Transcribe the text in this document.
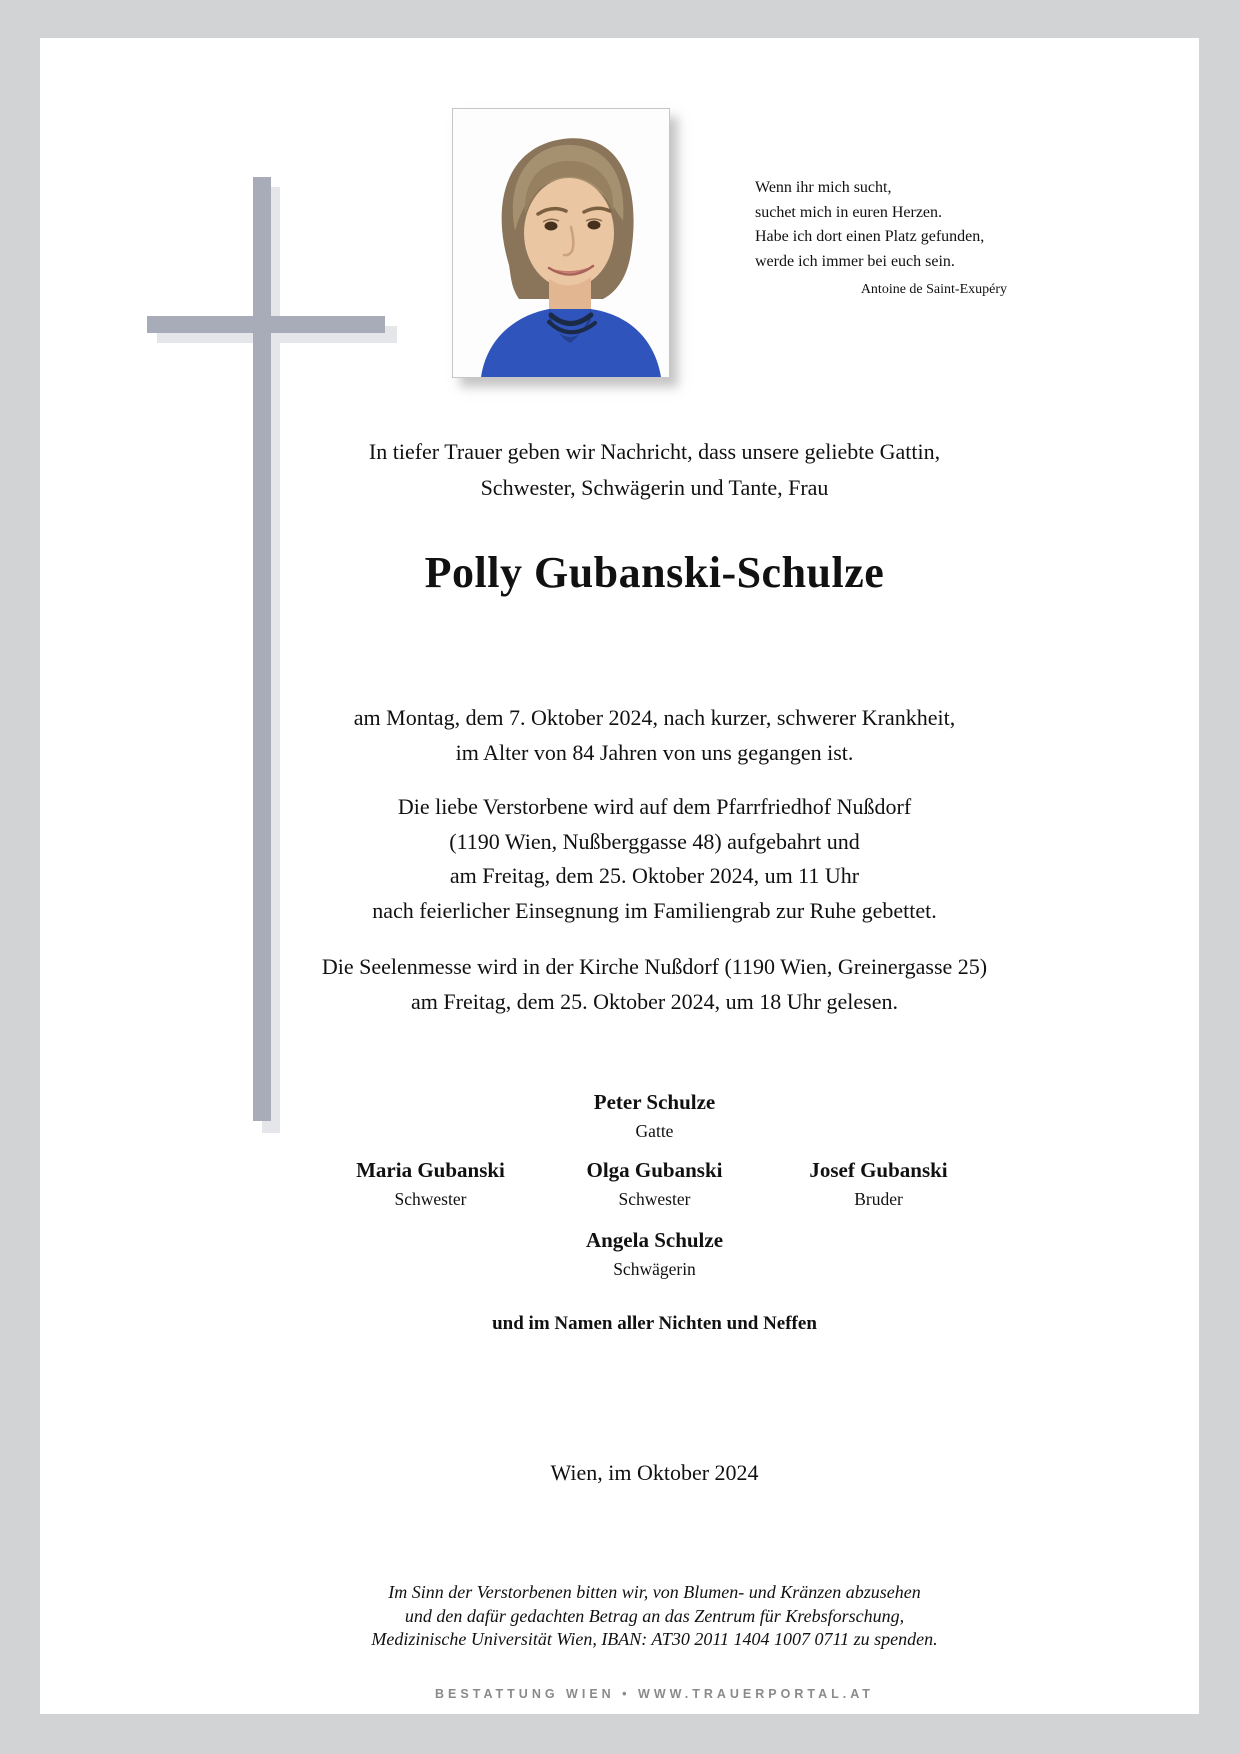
Wenn ihr mich sucht,
suchet mich in euren Herzen.
Habe ich dort einen Platz gefunden,
werde ich immer bei euch sein.
Antoine de Saint-Exupéry
In tiefer Trauer geben wir Nachricht, dass unsere geliebte Gattin,
Schwester, Schwägerin und Tante, Frau
Polly Gubanski-Schulze
am Montag, dem 7. Oktober 2024, nach kurzer, schwerer Krankheit,
im Alter von 84 Jahren von uns gegangen ist.
Die liebe Verstorbene wird auf dem Pfarrfriedhof Nußdorf
(1190 Wien, Nußberggasse 48) aufgebahrt und
am Freitag, dem 25. Oktober 2024, um 11 Uhr
nach feierlicher Einsegnung im Familiengrab zur Ruhe gebettet.
Die Seelenmesse wird in der Kirche Nußdorf (1190 Wien, Greinergasse 25)
am Freitag, dem 25. Oktober 2024, um 18 Uhr gelesen.
Peter Schulze
Gatte
Maria Gubanski
Schwester
Olga Gubanski
Schwester
Josef Gubanski
Bruder
Angela Schulze
Schwägerin
und im Namen aller Nichten und Neffen
Wien, im Oktober 2024
Im Sinn der Verstorbenen bitten wir, von Blumen- und Kränzen abzusehen
und den dafür gedachten Betrag an das Zentrum für Krebsforschung,
Medizinische Universität Wien, IBAN: AT30 2011 1404 1007 0711 zu spenden.
BESTATTUNG WIEN • WWW.TRAUERPORTAL.AT
